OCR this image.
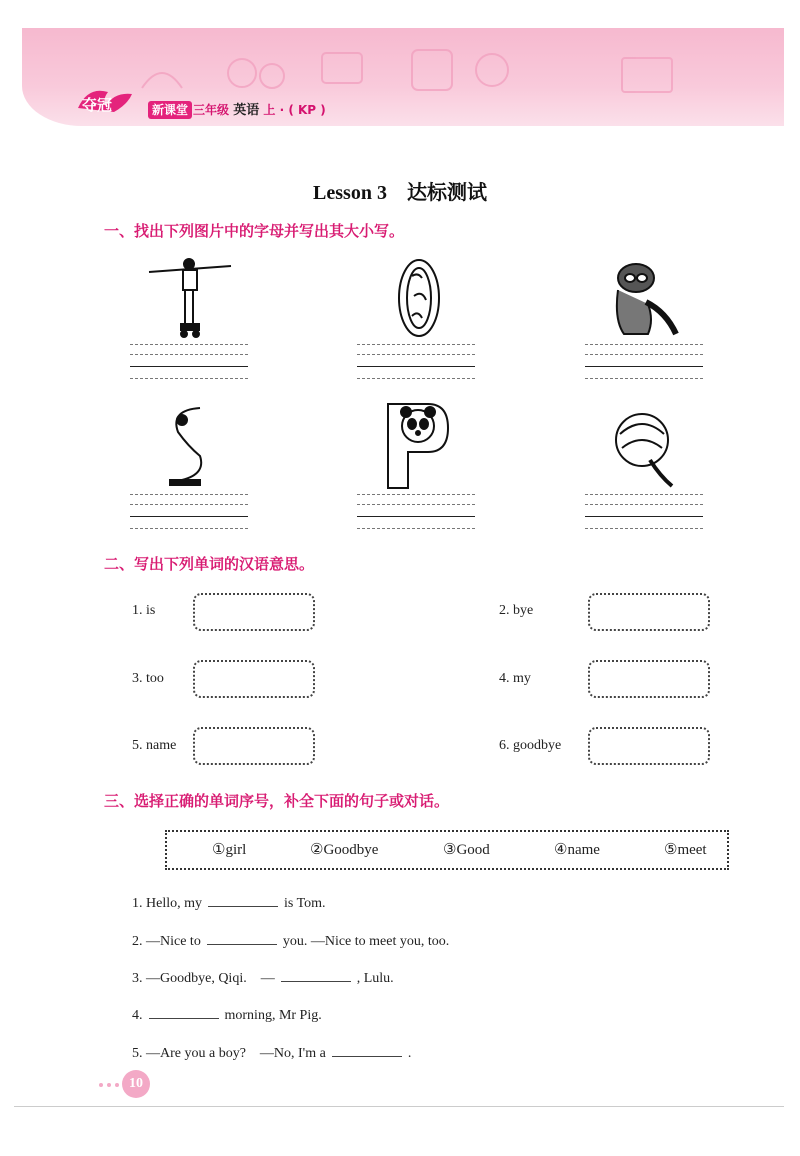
夺冠	新课堂 三年级 英语 上 · ( KP )
Lesson 3　达标测试
一、找出下列图片中的字母并写出其大小写。
二、写出下列单词的汉语意思。
1. is	2. bye
3. too	4. my
5. name	6. goodbye
三、选择正确的单词序号，补全下面的句子或对话。
①girl	②Goodbye	③Good	④name	⑤meet
1. Hello, my	is Tom.
2. —Nice to	you. —Nice to meet you, too.
3. —Goodbye, Qiqi.　—	, Lulu.
4.	morning, Mr Pig.
5. —Are you a boy?　—No, I'm a	.
10
